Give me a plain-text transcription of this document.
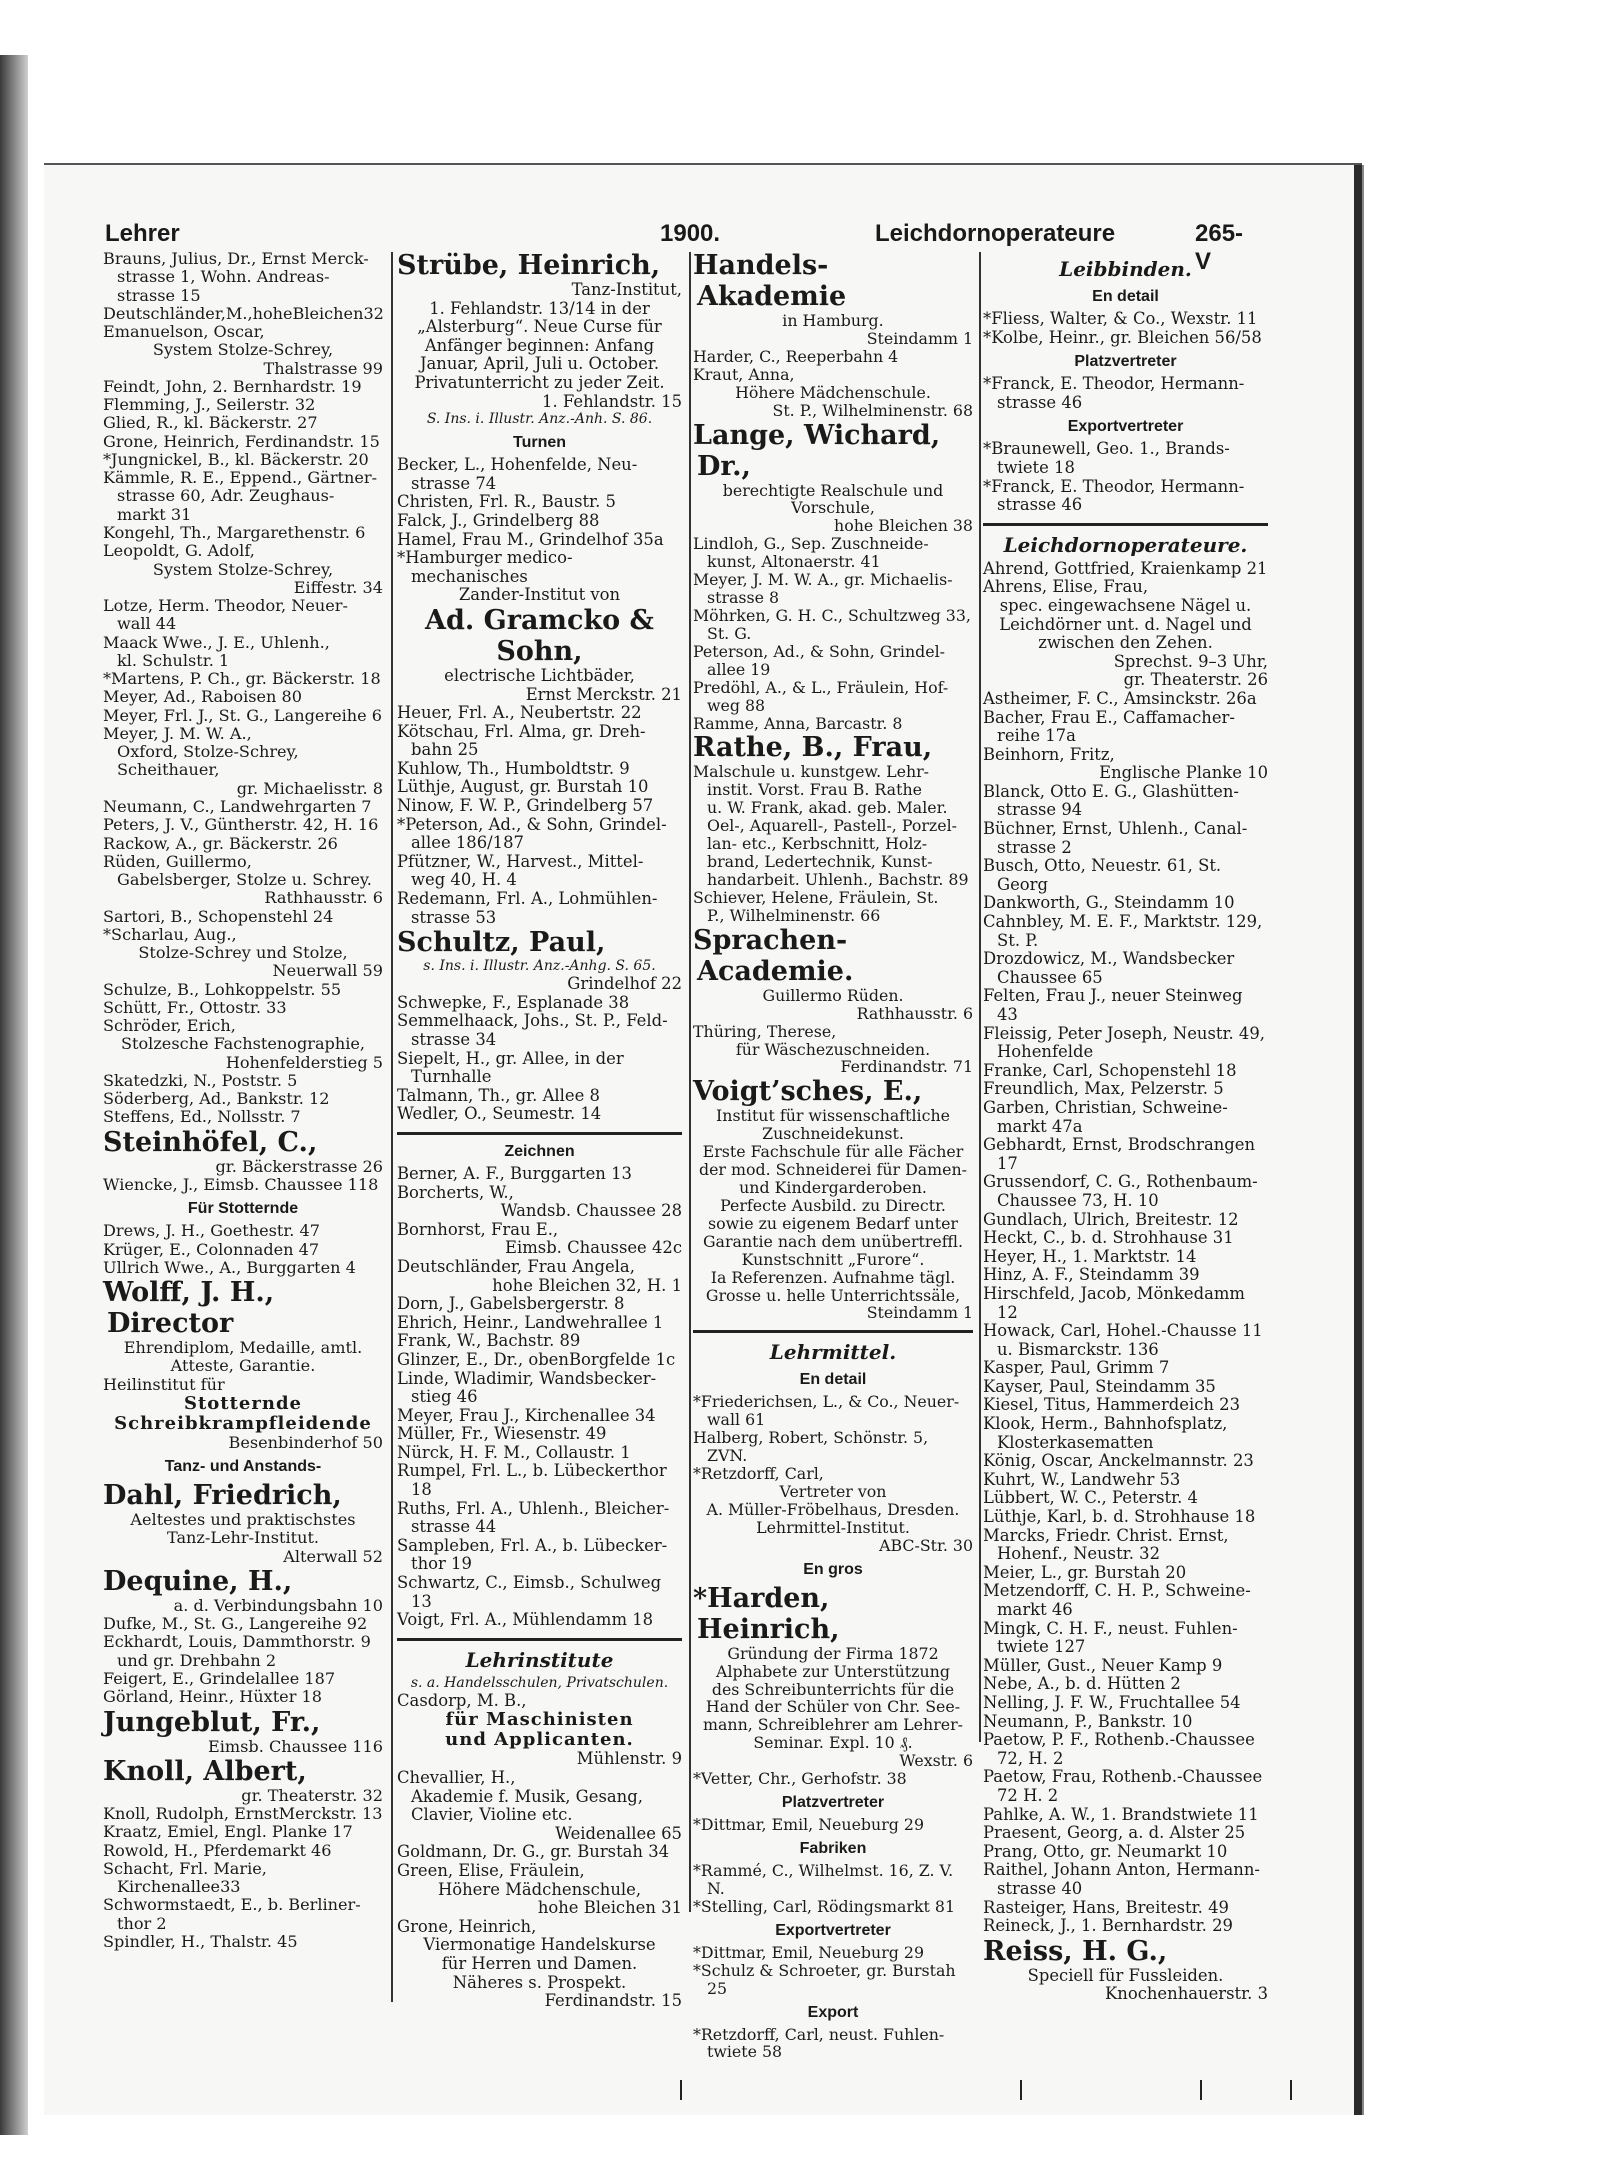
Lehrer	1900.	Leichdornoperateure	265-V

Brauns, Julius, Dr., Ernst Merck-
strasse 1, Wohn. Andreas-
strasse 15

Deutschländer,M.,hoheBleichen32

Emanuelson, Oscar,

System Stolze-Schrey,

Thalstrasse 99

Feindt, John, 2. Bernhardstr. 19

Flemming, J., Seilerstr. 32

Glied, R., kl. Bäckerstr. 27

Grone, Heinrich, Ferdinandstr. 15

*Jungnickel, B., kl. Bäckerstr. 20

Kämmle, R. E., Eppend., Gärtner-
strasse 60, Adr. Zeughaus-
markt 31

Kongehl, Th., Margarethenstr. 6

Leopoldt, G. Adolf,

System Stolze-Schrey,

Eiffestr. 34

Lotze, Herm. Theodor, Neuer-
wall 44

Maack Wwe., J. E., Uhlenh.,
kl. Schulstr. 1

*Martens, P. Ch., gr. Bäckerstr. 18

Meyer, Ad., Raboisen 80

Meyer, Frl. J., St. G., Langereihe 6

Meyer, J. M. W. A.,
Oxford, Stolze-Schrey,
Scheithauer,

gr. Michaelisstr. 8

Neumann, C., Landwehrgarten 7

Peters, J. V., Güntherstr. 42, H. 16

Rackow, A., gr. Bäckerstr. 26

Rüden, Guillermo,
Gabelsberger, Stolze u. Schrey.

Rathhausstr. 6

Sartori, B., Schopenstehl 24

*Scharlau, Aug.,

Stolze-Schrey und Stolze,

Neuerwall 59

Schulze, B., Lohkoppelstr. 55

Schütt, Fr., Ottostr. 33

Schröder, Erich,

Stolzesche Fachstenographie,

Hohenfelderstieg 5

Skatedzki, N., Poststr. 5

Söderberg, Ad., Bankstr. 12

Steffens, Ed., Nollsstr. 7

Steinhöfel, C.,

gr. Bäckerstrasse 26

Wiencke, J., Eimsb. Chaussee 118

Für Stotternde

Drews, J. H., Goethestr. 47

Krüger, E., Colonnaden 47

Ullrich Wwe., A., Burggarten 4

Wolff, J. H., Director

Ehrendiplom, Medaille, amtl.
Atteste, Garantie.

Heilinstitut für

Stotternde
Schreibkrampfleidende

Besenbinderhof 50

Tanz- und Anstands-

Dahl, Friedrich,

Aeltestes und praktischstes
Tanz-Lehr-Institut.

Alterwall 52

Dequine, H.,

a. d. Verbindungsbahn 10

Dufke, M., St. G., Langereihe 92

Eckhardt, Louis, Dammthorstr. 9
und gr. Drehbahn 2

Feigert, E., Grindelallee 187

Görland, Heinr., Hüxter 18

Jungeblut, Fr.,

Eimsb. Chaussee 116

Knoll, Albert,

gr. Theaterstr. 32

Knoll, Rudolph, ErnstMerckstr. 13

Kraatz, Emiel, Engl. Planke 17

Rowold, H., Pferdemarkt 46

Schacht, Frl. Marie, Kirchenallee33

Schwormstaedt, E., b. Berliner-
thor 2

Spindler, H., Thalstr. 45

Strübe, Heinrich,

Tanz-Institut,

1. Fehlandstr. 13/14 in der
„Alsterburg“. Neue Curse für
Anfänger beginnen: Anfang
Januar, April, Juli u. October.
Privatunterricht zu jeder Zeit.

1. Fehlandstr. 15

S. Ins. i. Illustr. Anz.-Anh. S. 86.

Turnen

Becker, L., Hohenfelde, Neu-
strasse 74

Christen, Frl. R., Baustr. 5

Falck, J., Grindelberg 88

Hamel, Frau M., Grindelhof 35a

*Hamburger medico-mechanisches

Zander-Institut von

Ad. Gramcko & Sohn,

electrische Lichtbäder,

Ernst Merckstr. 21

Heuer, Frl. A., Neubertstr. 22

Kötschau, Frl. Alma, gr. Dreh-
bahn 25

Kuhlow, Th., Humboldtstr. 9

Lüthje, August, gr. Burstah 10

Ninow, F. W. P., Grindelberg 57

*Peterson, Ad., & Sohn, Grindel-
allee 186/187

Pfützner, W., Harvest., Mittel-
weg 40, H. 4

Redemann, Frl. A., Lohmühlen-
strasse 53

Schultz, Paul,

s. Ins. i. Illustr. Anz.-Anhg. S. 65.

Grindelhof 22

Schwepke, F., Esplanade 38

Semmelhaack, Johs., St. P., Feld-
strasse 34

Siepelt, H., gr. Allee, in der
Turnhalle

Talmann, Th., gr. Allee 8

Wedler, O., Seumestr. 14

Zeichnen

Berner, A. F., Burggarten 13

Borcherts, W.,

Wandsb. Chaussee 28

Bornhorst, Frau E.,

Eimsb. Chaussee 42c

Deutschländer, Frau Angela,

hohe Bleichen 32, H. 1

Dorn, J., Gabelsbergerstr. 8

Ehrich, Heinr., Landwehrallee 1

Frank, W., Bachstr. 89

Glinzer, E., Dr., obenBorgfelde 1c

Linde, Wladimir, Wandsbecker-
stieg 46

Meyer, Frau J., Kirchenallee 34

Müller, Fr., Wiesenstr. 49

Nürck, H. F. M., Collaustr. 1

Rumpel, Frl. L., b. Lübeckerthor 18

Ruths, Frl. A., Uhlenh., Bleicher-
strasse 44

Sampleben, Frl. A., b. Lübecker-
thor 19

Schwartz, C., Eimsb., Schulweg 13

Voigt, Frl. A., Mühlendamm 18

Lehrinstitute

s. a. Handelsschulen, Privatschulen.

Casdorp, M. B.,

für Maschinisten
und Applicanten.

Mühlenstr. 9

Chevallier, H.,
Akademie f. Musik, Gesang,
Clavier, Violine etc.

Weidenallee 65

Goldmann, Dr. G., gr. Burstah 34

Green, Elise, Fräulein,

Höhere Mädchenschule,

hohe Bleichen 31

Grone, Heinrich,

Viermonatige Handelskurse
für Herren und Damen.
Näheres s. Prospekt.

Ferdinandstr. 15

Handels-Akademie

in Hamburg.

Steindamm 1

Harder, C., Reeperbahn 4

Kraut, Anna,

Höhere Mädchenschule.

St. P., Wilhelminenstr. 68

Lange, Wichard, Dr.,

berechtigte Realschule und
Vorschule,

hohe Bleichen 38

Lindloh, G., Sep. Zuschneide-
kunst, Altonaerstr. 41

Meyer, J. M. W. A., gr. Michaelis-
strasse 8

Möhrken, G. H. C., Schultzweg 33,
St. G.

Peterson, Ad., & Sohn, Grindel-
allee 19

Predöhl, A., & L., Fräulein, Hof-
weg 88

Ramme, Anna, Barcastr. 8

Rathe, B., Frau,

Malschule u. kunstgew. Lehr-
instit. Vorst. Frau B. Rathe
u. W. Frank, akad. geb. Maler.
Oel-, Aquarell-, Pastell-, Porzel-
lan- etc., Kerbschnitt, Holz-
brand, Ledertechnik, Kunst-
handarbeit. Uhlenh., Bachstr. 89

Schiever, Helene, Fräulein, St.
P., Wilhelminenstr. 66

Sprachen-Academie.

Guillermo Rüden.

Rathhausstr. 6

Thüring, Therese,

für Wäschezuschneiden.

Ferdinandstr. 71

Voigt’sches, E.,

Institut für wissenschaftliche
Zuschneidekunst.
Erste Fachschule für alle Fächer
der mod. Schneiderei für Damen-
und Kindergarderoben.
Perfecte Ausbild. zu Directr.
sowie zu eigenem Bedarf unter
Garantie nach dem unübertreffl.
Kunstschnitt „Furore“.
Ia Referenzen. Aufnahme tägl.
Grosse u. helle Unterrichtssäle,

Steindamm 1

Lehrmittel.

En detail

*Friederichsen, L., & Co., Neuer-
wall 61

Halberg, Robert, Schönstr. 5, ZVN.

*Retzdorff, Carl,

Vertreter von
A. Müller-Fröbelhaus, Dresden.
Lehrmittel-Institut.

ABC-Str. 30

En gros

*Harden, Heinrich,

Gründung der Firma 1872
Alphabete zur Unterstützung
des Schreibunterrichts für die
Hand der Schüler von Chr. See-
mann, Schreiblehrer am Lehrer-
Seminar. Expl. 10 ₰.

Wexstr. 6

*Vetter, Chr., Gerhofstr. 38

Platzvertreter

*Dittmar, Emil, Neueburg 29

Fabriken

*Rammé, C., Wilhelmst. 16, Z. V. N.

*Stelling, Carl, Rödingsmarkt 81

Exportvertreter

*Dittmar, Emil, Neueburg 29

*Schulz & Schroeter, gr. Burstah 25

Export

*Retzdorff, Carl, neust. Fuhlen-
twiete 58

Leibbinden.

En detail

*Fliess, Walter, & Co., Wexstr. 11

*Kolbe, Heinr., gr. Bleichen 56/58

Platzvertreter

*Franck, E. Theodor, Hermann-
strasse 46

Exportvertreter

*Braunewell, Geo. 1., Brands-
twiete 18

*Franck, E. Theodor, Hermann-
strasse 46

Leichdornoperateure.

Ahrend, Gottfried, Kraienkamp 21

Ahrens, Elise, Frau,

spec. eingewachsene Nägel u.
Leichdörner unt. d. Nagel und
zwischen den Zehen.

Sprechst. 9–3 Uhr,

gr. Theaterstr. 26

Astheimer, F. C., Amsinckstr. 26a

Bacher, Frau E., Caffamacher-
reihe 17a

Beinhorn, Fritz,

Englische Planke 10

Blanck, Otto E. G., Glashütten-
strasse 94

Büchner, Ernst, Uhlenh., Canal-
strasse 2

Busch, Otto, Neuestr. 61, St. Georg

Dankworth, G., Steindamm 10

Cahnbley, M. E. F., Marktstr. 129,
St. P.

Drozdowicz, M., Wandsbecker
Chaussee 65

Felten, Frau J., neuer Steinweg 43

Fleissig, Peter Joseph, Neustr. 49,
Hohenfelde

Franke, Carl, Schopenstehl 18

Freundlich, Max, Pelzerstr. 5

Garben, Christian, Schweine-
markt 47a

Gebhardt, Ernst, Brodschrangen 17

Grussendorf, C. G., Rothenbaum-
Chaussee 73, H. 10

Gundlach, Ulrich, Breitestr. 12

Heckt, C., b. d. Strohhause 31

Heyer, H., 1. Marktstr. 14

Hinz, A. F., Steindamm 39

Hirschfeld, Jacob, Mönkedamm 12

Howack, Carl, Hohel.-Chausse 11
u. Bismarckstr. 136

Kasper, Paul, Grimm 7

Kayser, Paul, Steindamm 35

Kiesel, Titus, Hammerdeich 23

Klook, Herm., Bahnhofsplatz,
Klosterkasematten

König, Oscar, Anckelmannstr. 23

Kuhrt, W., Landwehr 53

Lübbert, W. C., Peterstr. 4

Lüthje, Karl, b. d. Strohhause 18

Marcks, Friedr. Christ. Ernst,
Hohenf., Neustr. 32

Meier, L., gr. Burstah 20

Metzendorff, C. H. P., Schweine-
markt 46

Mingk, C. H. F., neust. Fuhlen-
twiete 127

Müller, Gust., Neuer Kamp 9

Nebe, A., b. d. Hütten 2

Nelling, J. F. W., Fruchtallee 54

Neumann, P., Bankstr. 10

Paetow, P. F., Rothenb.-Chaussee
72, H. 2

Paetow, Frau, Rothenb.-Chaussee
72 H. 2

Pahlke, A. W., 1. Brandstwiete 11

Praesent, Georg, a. d. Alster 25

Prang, Otto, gr. Neumarkt 10

Raithel, Johann Anton, Hermann-
strasse 40

Rasteiger, Hans, Breitestr. 49

Reineck, J., 1. Bernhardstr. 29

Reiss, H. G.,

Speciell für Fussleiden.

Knochenhauerstr. 3
